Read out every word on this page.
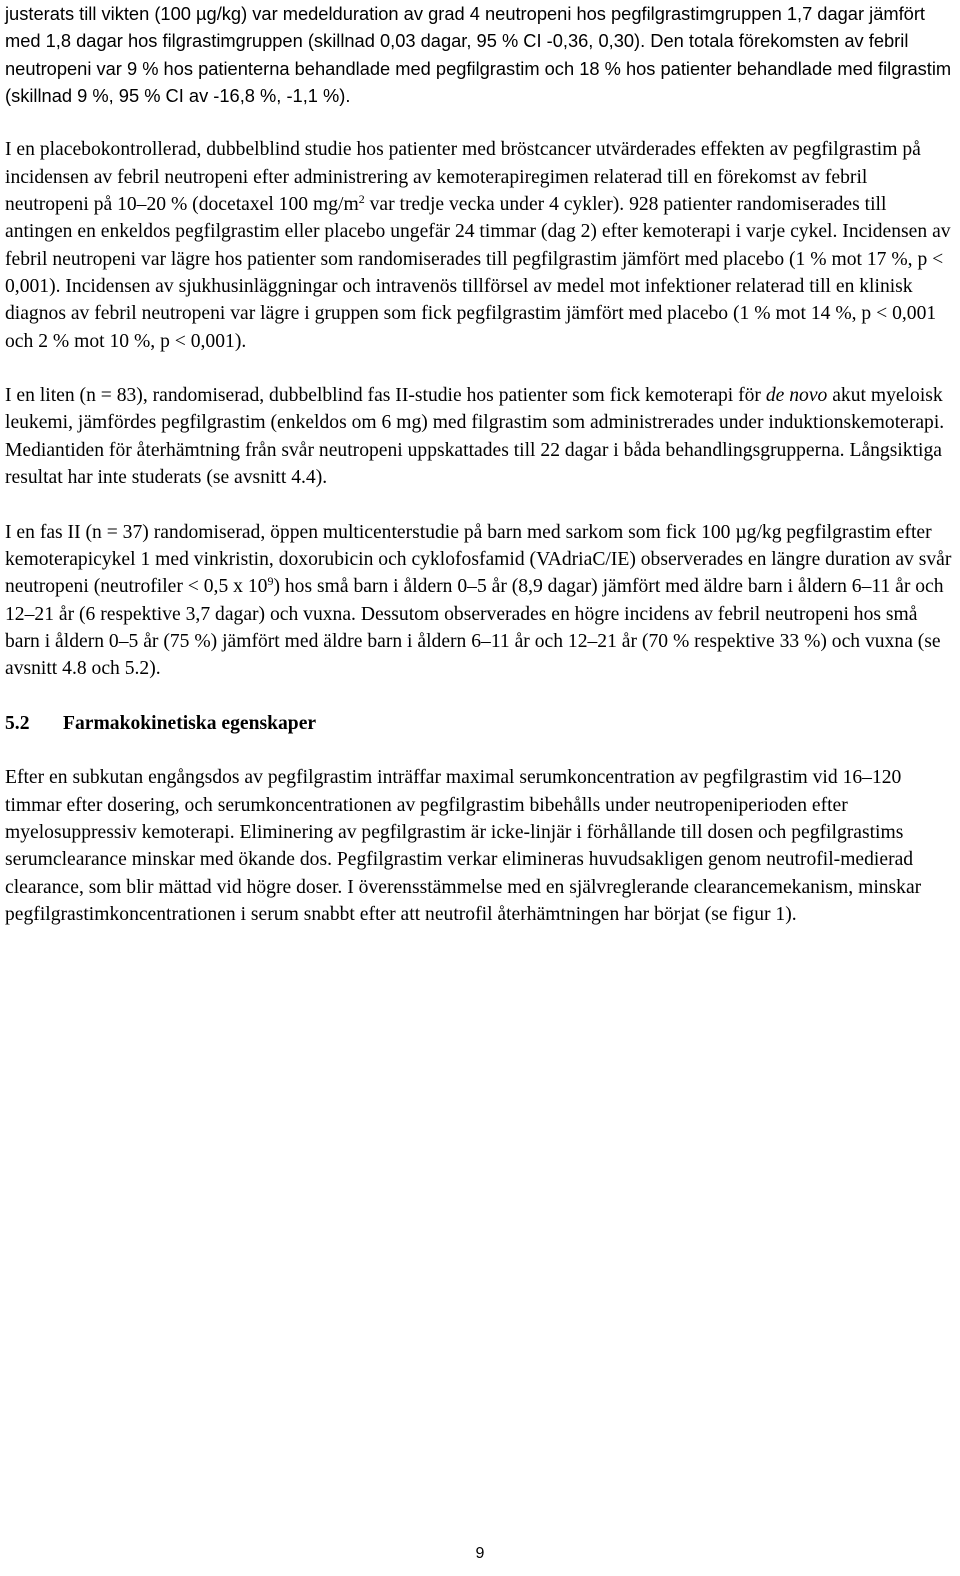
justerats till vikten (100 µg/kg) var medelduration av grad 4 neutropeni hos pegfilgrastimgruppen 1,7 dagar jämfört med 1,8 dagar hos filgrastimgruppen (skillnad 0,03 dagar, 95 % CI -0,36, 0,30). Den totala förekomsten av febril neutropeni var 9 % hos patienterna behandlade med pegfilgrastim och 18 % hos patienter behandlade med filgrastim (skillnad 9 %, 95 % CI av -16,8 %, -1,1 %).

I en placebokontrollerad, dubbelblind studie hos patienter med bröstcancer utvärderades effekten av pegfilgrastim på incidensen av febril neutropeni efter administrering av kemoterapiregimen relaterad till en förekomst av febril neutropeni på 10–20 % (docetaxel 100 $mg/m^2$ var tredje vecka under 4 cykler). 928 patienter randomiserades till antingen en enkeldos pegfilgrastim eller placebo ungefär 24 timmar (dag 2) efter kemoterapi i varje cykel. Incidensen av febril neutropeni var lägre hos patienter som randomiserades till pegfilgrastim jämfört med placebo (1 % mot 17 %, p < 0,001). Incidensen av sjukhusinläggningar och intravenös tillförsel av medel mot infektioner relaterad till en klinisk diagnos av febril neutropeni var lägre i gruppen som fick pegfilgrastim jämfört med placebo (1 % mot 14 %, p < 0,001 och 2 % mot 10 %, p < 0,001).

I en liten (n = 83), randomiserad, dubbelblind fas II-studie hos patienter som fick kemoterapi för de novo akut myeloisk leukemi, jämfördes pegfilgrastim (enkeldos om 6 mg) med filgrastim som administrerades under induktionskemoterapi. Mediantiden för återhämtning från svår neutropeni uppskattades till 22 dagar i båda behandlingsgrupperna. Långsiktiga resultat har inte studerats (se avsnitt 4.4).

I en fas II (n = 37) randomiserad, öppen multicenterstudie på barn med sarkom som fick 100 µg/kg pegfilgrastim efter kemoterapicykel 1 med vinkristin, doxorubicin och cyklofosfamid (VAdriaC/IE) observerades en längre duration av svår neutropeni (neutrofiler < 0,5 x $10^9$) hos små barn i åldern 0–5 år (8,9 dagar) jämfört med äldre barn i åldern 6–11 år och 12–21 år (6 respektive 3,7 dagar) och vuxna. Dessutom observerades en högre incidens av febril neutropeni hos små barn i åldern 0–5 år (75 %) jämfört med äldre barn i åldern 6–11 år och 12–21 år (70 % respektive 33 %) och vuxna (se avsnitt 4.8 och 5.2).

5.2 Farmakokinetiska egenskaper

Efter en subkutan engångsdos av pegfilgrastim inträffar maximal serumkoncentration av pegfilgrastim vid 16–120 timmar efter dosering, och serumkoncentrationen av pegfilgrastim bibehålls under neutropeniperioden efter myelosuppressiv kemoterapi. Eliminering av pegfilgrastim är icke-linjär i förhållande till dosen och pegfilgrastims serumclearance minskar med ökande dos. Pegfilgrastim verkar elimineras huvudsakligen genom neutrofil-medierad clearance, som blir mättad vid högre doser. I överensstämmelse med en självreglerande clearancemekanism, minskar pegfilgrastimkoncentrationen i serum snabbt efter att neutrofil återhämtningen har börjat (se figur 1).

9
